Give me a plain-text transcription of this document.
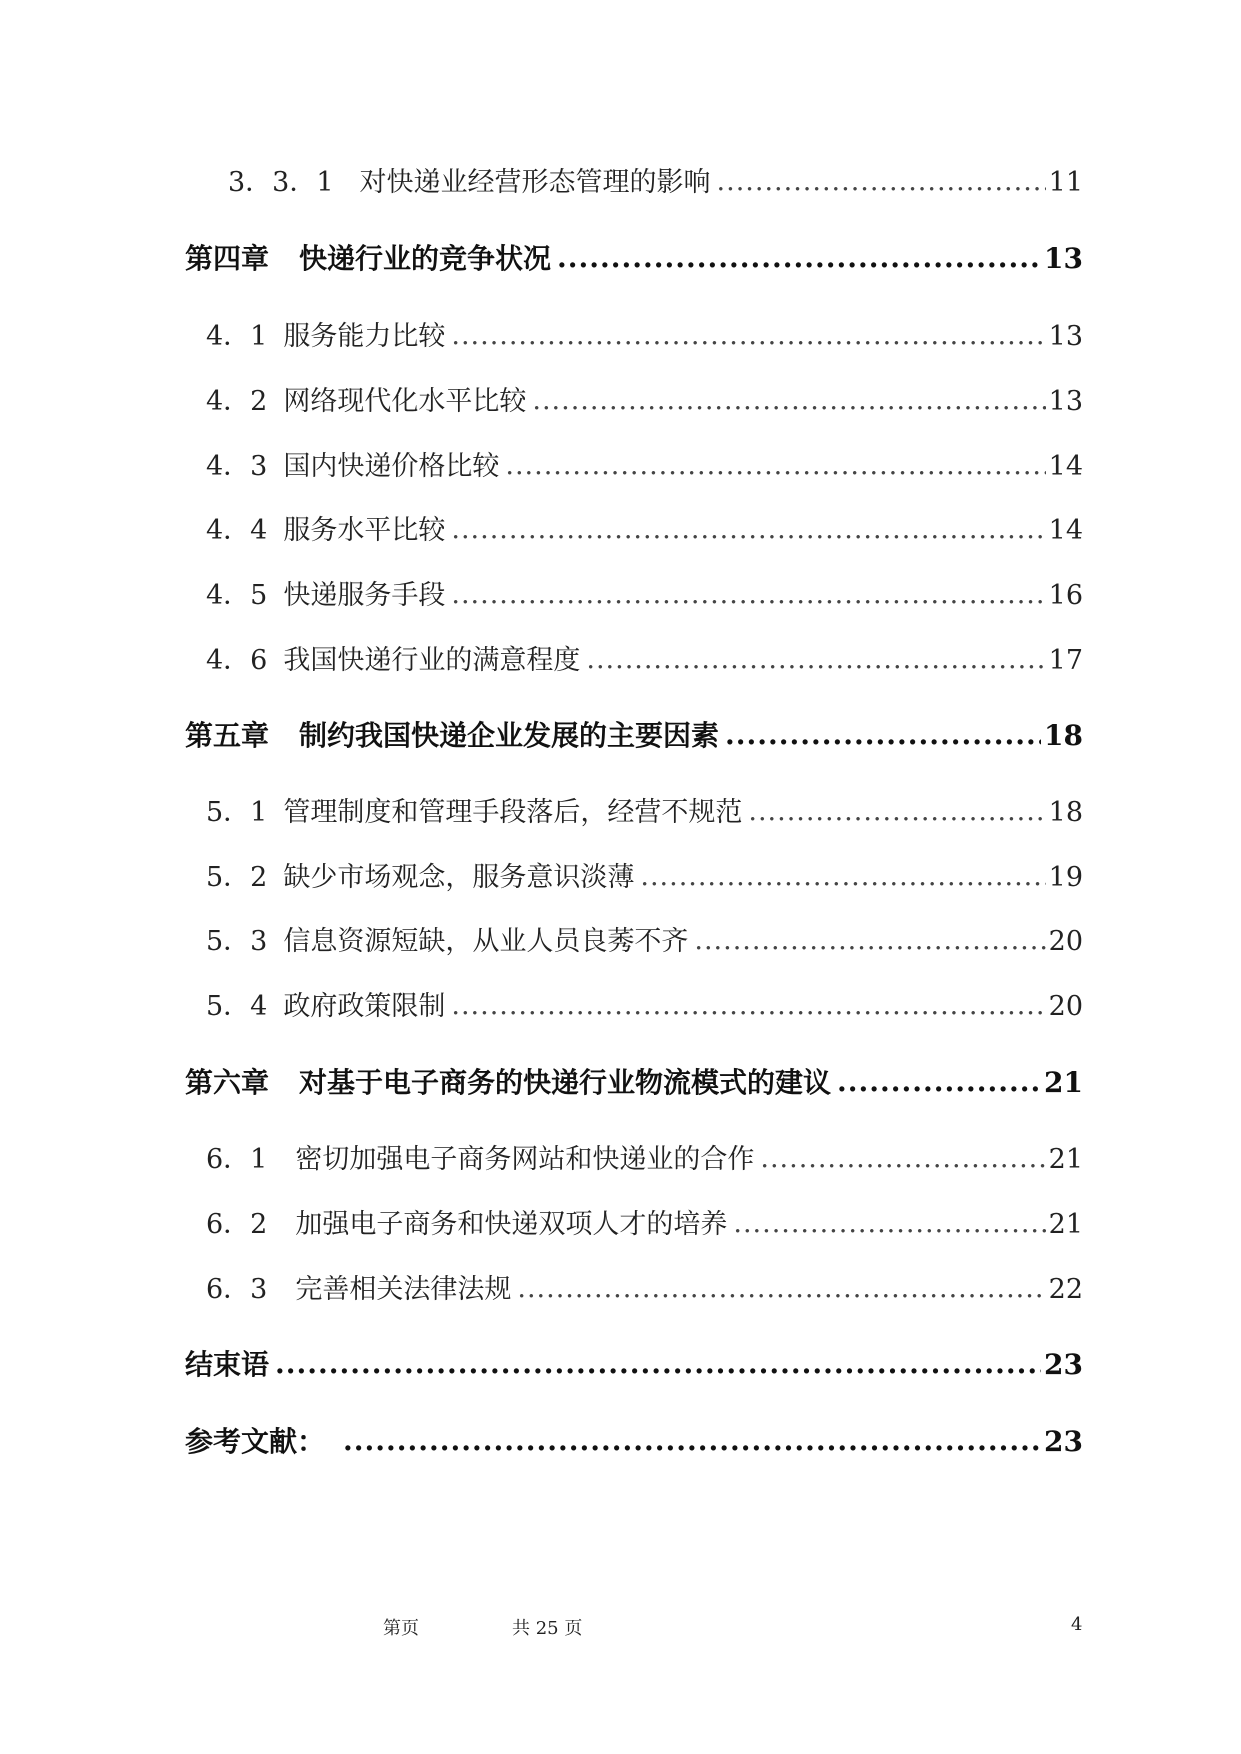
3．3．1 对快递业经营形态管理的影响 .....	11
第四章 快递行业的竞争状况 .....	13
4．1 服务能力比较 .....	13
4．2 网络现代化水平比较 .....	13
4．3 国内快递价格比较 .....	14
4．4 服务水平比较 .....	14
4．5 快递服务手段 .....	16
4．6 我国快递行业的满意程度 .....	17
第五章 制约我国快递企业发展的主要因素 .....	18
5．1 管理制度和管理手段落后，经营不规范 .....	18
5．2 缺少市场观念，服务意识淡薄 .....	19
5．3 信息资源短缺，从业人员良莠不齐 .....	20
5．4 政府政策限制 .....	20
第六章 对基于电子商务的快递行业物流模式的建议 .....	21
6．1 密切加强电子商务网站和快递业的合作 .....	21
6．2 加强电子商务和快递双项人才的培养 .....	21
6．3 完善相关法律法规 .....	22
结束语 .....	23
参考文献： .....	23
第页	共 25 页	4
